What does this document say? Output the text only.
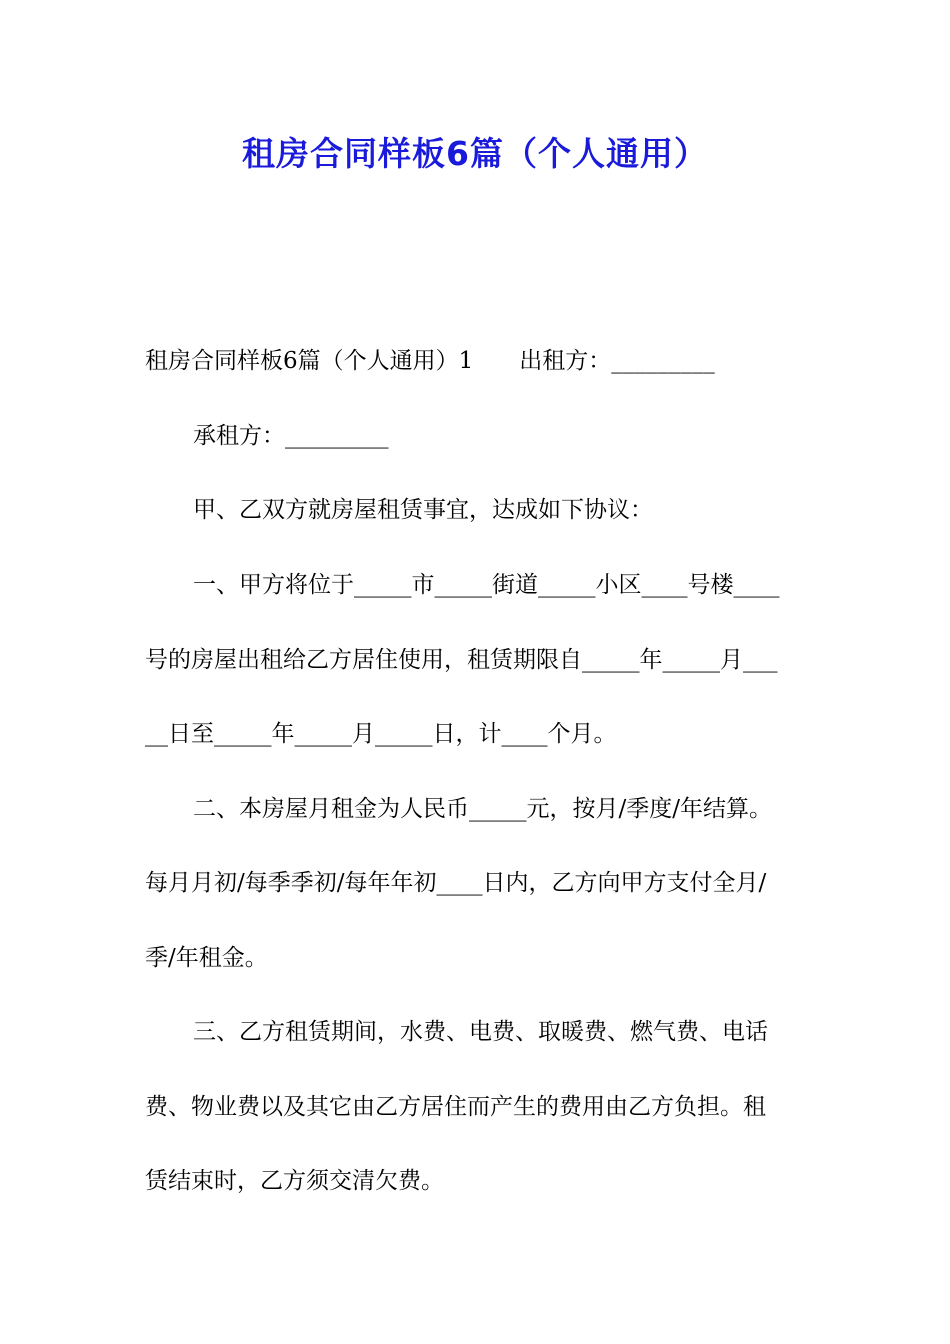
租房合同样板6篇（个人通用）
租房合同样板6篇（个人通用）1　　出租方：_________
承租方：_________
甲、乙双方就房屋租赁事宜，达成如下协议：
一、甲方将位于_____市_____街道_____小区____号楼____
号的房屋出租给乙方居住使用，租赁期限自_____年_____月___
__日至_____年_____月_____日，计____个月。
二、本房屋月租金为人民币_____元，按月/季度/年结算。
每月月初/每季季初/每年年初____日内，乙方向甲方支付全月/
季/年租金。
三、乙方租赁期间，水费、电费、取暖费、燃气费、电话
费、物业费以及其它由乙方居住而产生的费用由乙方负担。租
赁结束时，乙方须交清欠费。
